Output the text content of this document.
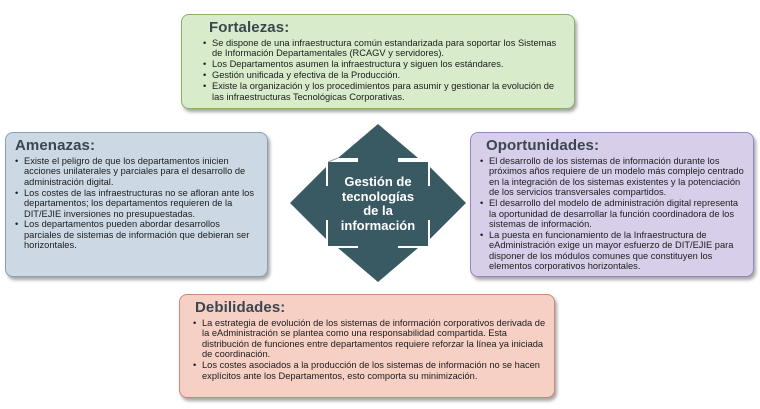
Fortalezas:
• Se dispone de una infraestructura común estandarizada para soportar los Sistemas de Información Departamentales (RCAGV y servidores).
• Los Departamentos asumen la infraestructura y siguen los estándares.
• Gestión unificada y efectiva de la Producción.
• Existe la organización y los procedimientos para asumir y gestionar la evolución de las infraestructuras Tecnológicas Corporativas.
Amenazas:
• Existe el peligro de que los departamentos inicien acciones unilaterales y parciales para el desarrollo de administración digital.
• Los costes de las infraestructuras no se afloran ante los departamentos; los departamentos requieren de la DIT/EJIE inversiones no presupuestadas.
• Los departamentos pueden abordar desarrollos parciales de sistemas de información que debieran ser horizontales.
Gestión de
tecnologías
de la
información
Oportunidades:
• El desarrollo de los sistemas de información durante los próximos años requiere de un modelo más complejo centrado en la integración de los sistemas existentes y la potenciación de los servicios transversales compartidos.
• El desarrollo del modelo de administración digital representa la oportunidad de desarrollar la función coordinadora de los sistemas de información.
• La puesta en funcionamiento de la Infraestructura de eAdministración exige un mayor esfuerzo de DIT/EJIE para disponer de los módulos comunes que constituyen los elementos corporativos horizontales.
Debilidades:
• La estrategia de evolución de los sistemas de información corporativos derivada de la eAdministración se plantea como una responsabilidad compartida. Esta distribución de funciones entre departamentos requiere reforzar la línea ya iniciada de coordinación.
• Los costes asociados a la producción de los sistemas de información no se hacen explícitos ante los Departamentos, esto comporta su minimización.
